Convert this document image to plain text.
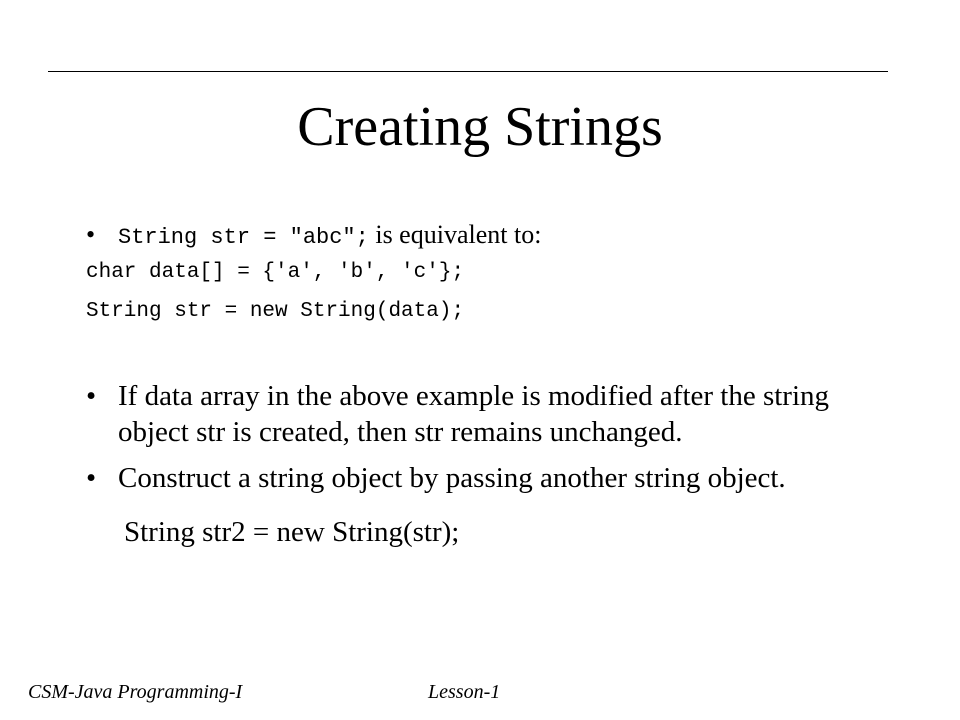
Creating Strings
•	String str = "abc"; is equivalent to:
char data[] = {'a', 'b', 'c'};
String str = new String(data);
• If data array in the above example is modified after the string object str is created, then str remains unchanged.
• Construct a string object by passing another string object.
String str2 = new String(str);
CSM-Java Programming-I	Lesson-1
